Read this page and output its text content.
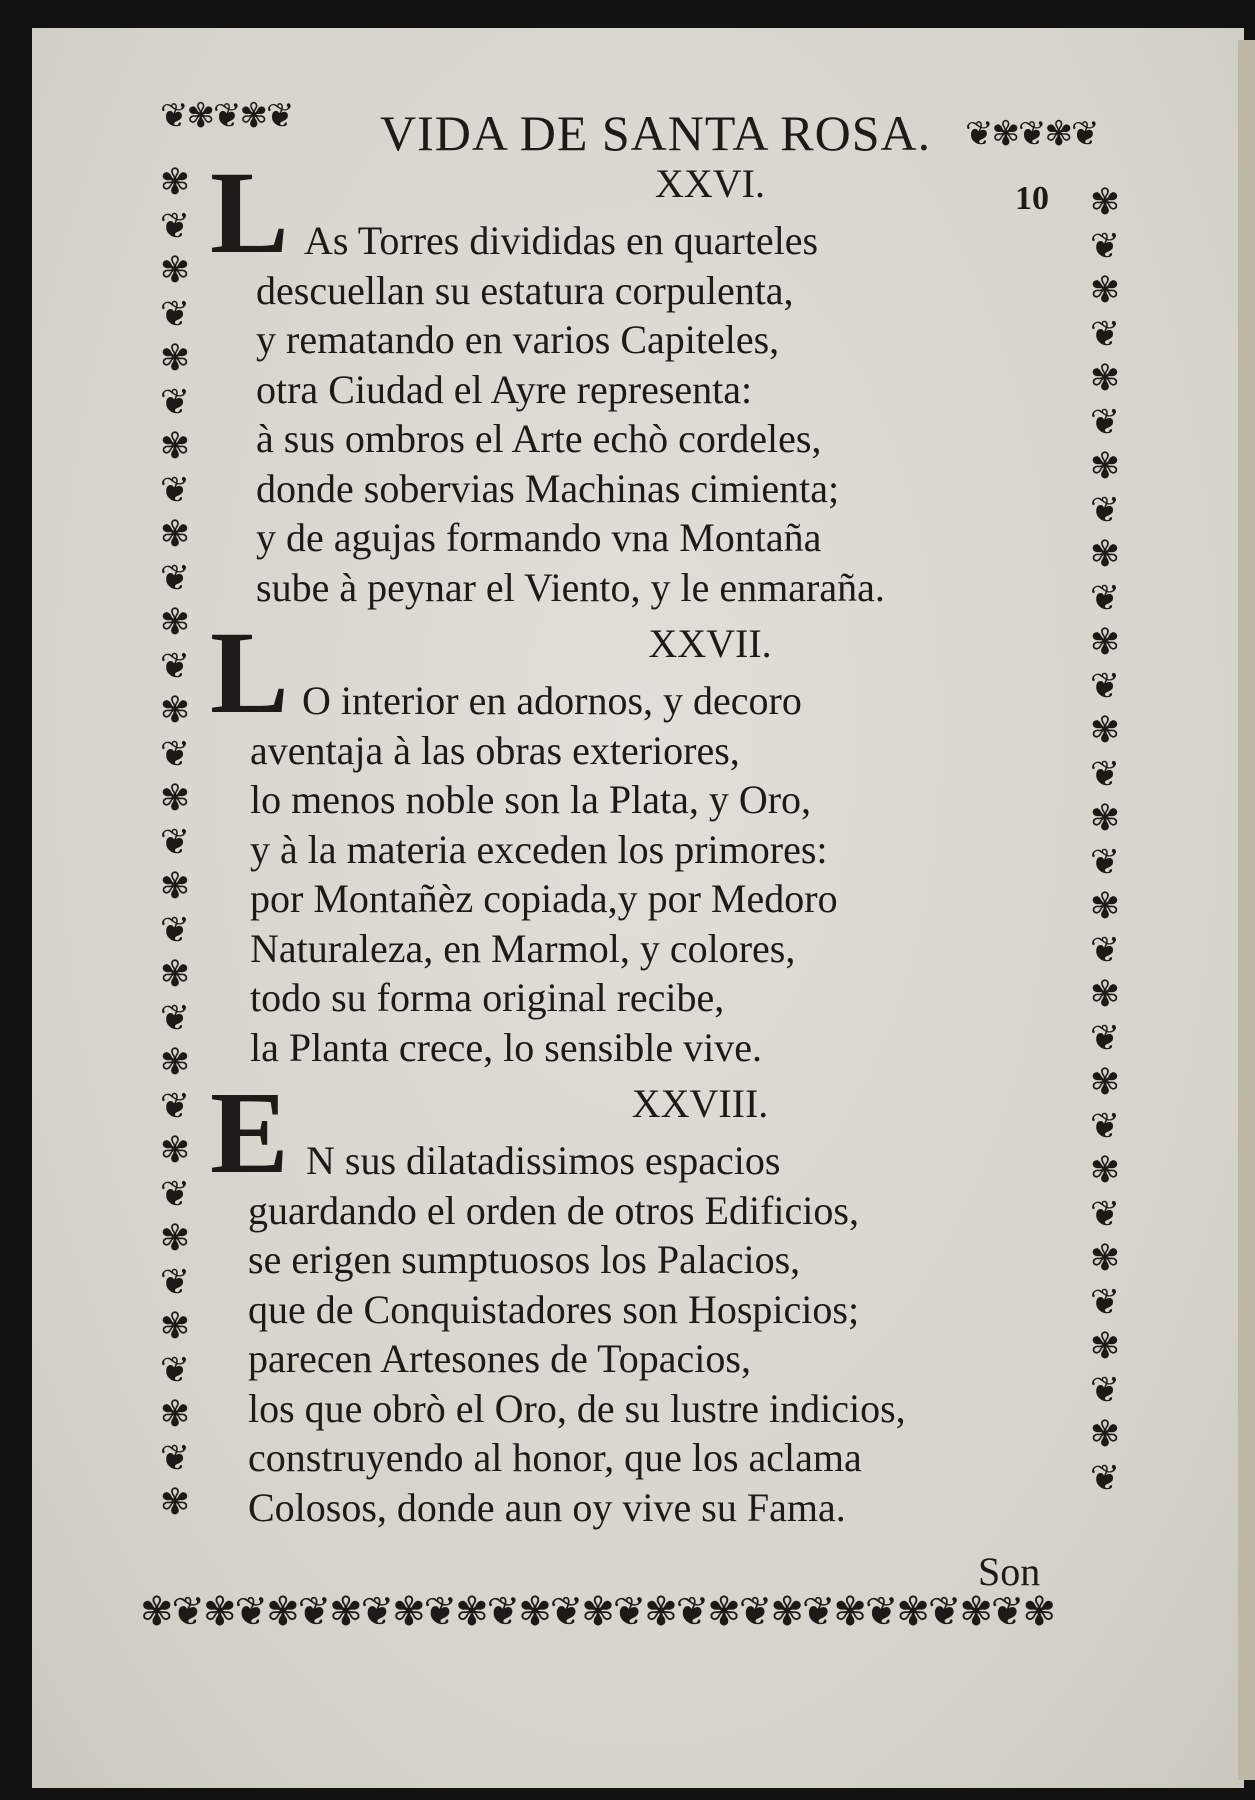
❦✾❦✾❦	❦✾❦✾❦
✾
❦
✾
❦
✾
❦
✾
❦
✾
❦
✾
❦
✾
❦
✾
❦
✾
❦
✾
❦
✾
❦
✾
❦
✾
❦
✾
❦
✾
❦
✾
✾
❦
✾
❦
✾
❦
✾
❦
✾
❦
✾
❦
✾
❦
✾
❦
✾
❦
✾
❦
✾
❦
✾
❦
✾
❦
✾
❦
✾
❦
✾❦✾❦✾❦✾❦✾❦✾❦✾❦✾❦✾❦✾❦✾❦✾❦✾❦✾❦✾
VIDA DE SANTA ROSA.
10
XXVI.
L As Torres divididas en quarteles
descuellan su estatura corpulenta,
y rematando en varios Capiteles,
otra Ciudad el Ayre representa:
à sus ombros el Arte echò cordeles,
donde sobervias Machinas cimienta;
y de agujas formando vna Montaña
sube à peynar el Viento, y le enmaraña.
XXVII.
L O interior en adornos, y decoro
aventaja à las obras exteriores,
lo menos noble son la Plata, y Oro,
y à la materia exceden los primores:
por Montañèz copiada,y por Medoro
Naturaleza, en Marmol, y colores,
todo su forma original recibe,
la Planta crece, lo sensible vive.
XXVIII.
E N sus dilatadissimos espacios
guardando el orden de otros Edificios,
se erigen sumptuosos los Palacios,
que de Conquistadores son Hospicios;
parecen Artesones de Topacios,
los que obrò el Oro, de su lustre indicios,
construyendo al honor, que los aclama
Colosos, donde aun oy vive su Fama.
Son
